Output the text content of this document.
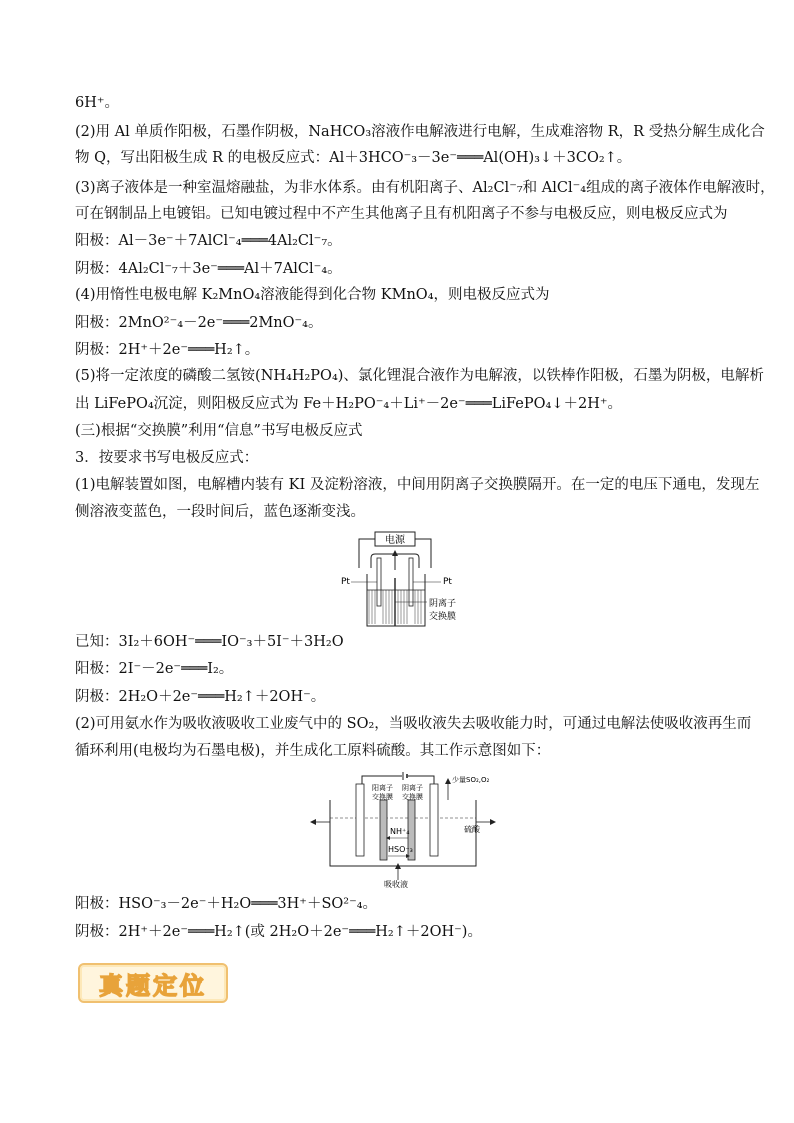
6H⁺。
(2)用 Al 单质作阳极，石墨作阴极，NaHCO₃溶液作电解液进行电解，生成难溶物 R，R 受热分解生成化合
物 Q，写出阳极生成 R 的电极反应式：Al＋3HCO⁻₃－3e⁻═══Al(OH)₃↓＋3CO₂↑。
(3)离子液体是一种室温熔融盐，为非水体系。由有机阳离子、Al₂Cl⁻₇和 AlCl⁻₄组成的离子液体作电解液时，
可在钢制品上电镀铝。已知电镀过程中不产生其他离子且有机阳离子不参与电极反应，则电极反应式为
阳极：Al－3e⁻＋7AlCl⁻₄═══4Al₂Cl⁻₇。
阴极：4Al₂Cl⁻₇＋3e⁻═══Al＋7AlCl⁻₄。
(4)用惰性电极电解 K₂MnO₄溶液能得到化合物 KMnO₄，则电极反应式为
阳极：2MnO²⁻₄－2e⁻═══2MnO⁻₄。
阴极：2H⁺＋2e⁻═══H₂↑。
(5)将一定浓度的磷酸二氢铵(NH₄H₂PO₄)、氯化锂混合液作为电解液，以铁棒作阳极，石墨为阴极，电解析
出 LiFePO₄沉淀，则阳极反应式为 Fe＋H₂PO⁻₄＋Li⁺－2e⁻═══LiFePO₄↓＋2H⁺。
(三)根据“交换膜”利用“信息”书写电极反应式
3．按要求书写电极反应式：
(1)电解装置如图，电解槽内装有 KI 及淀粉溶液，中间用阴离子交换膜隔开。在一定的电压下通电，发现左
侧溶液变蓝色，一段时间后，蓝色逐渐变浅。
电源
Pt	Pt
阴离子
交换膜
已知：3I₂＋6OH⁻═══IO⁻₃＋5I⁻＋3H₂O
阳极：2I⁻－2e⁻═══I₂。
阴极：2H₂O＋2e⁻═══H₂↑＋2OH⁻。
(2)可用氨水作为吸收液吸收工业废气中的 SO₂，当吸收液失去吸收能力时，可通过电解法使吸收液再生而
循环利用(电极均为石墨电极)，并生成化工原料硫酸。其工作示意图如下：
阳离子
交换膜
阴离子
交换膜
少量SO₂,O₂
硫酸
NH⁺₄
HSO⁻₃
吸收液
阳极：HSO⁻₃－2e⁻＋H₂O═══3H⁺＋SO²⁻₄。
阴极：2H⁺＋2e⁻═══H₂↑(或 2H₂O＋2e⁻═══H₂↑＋2OH⁻)。
真题定位
